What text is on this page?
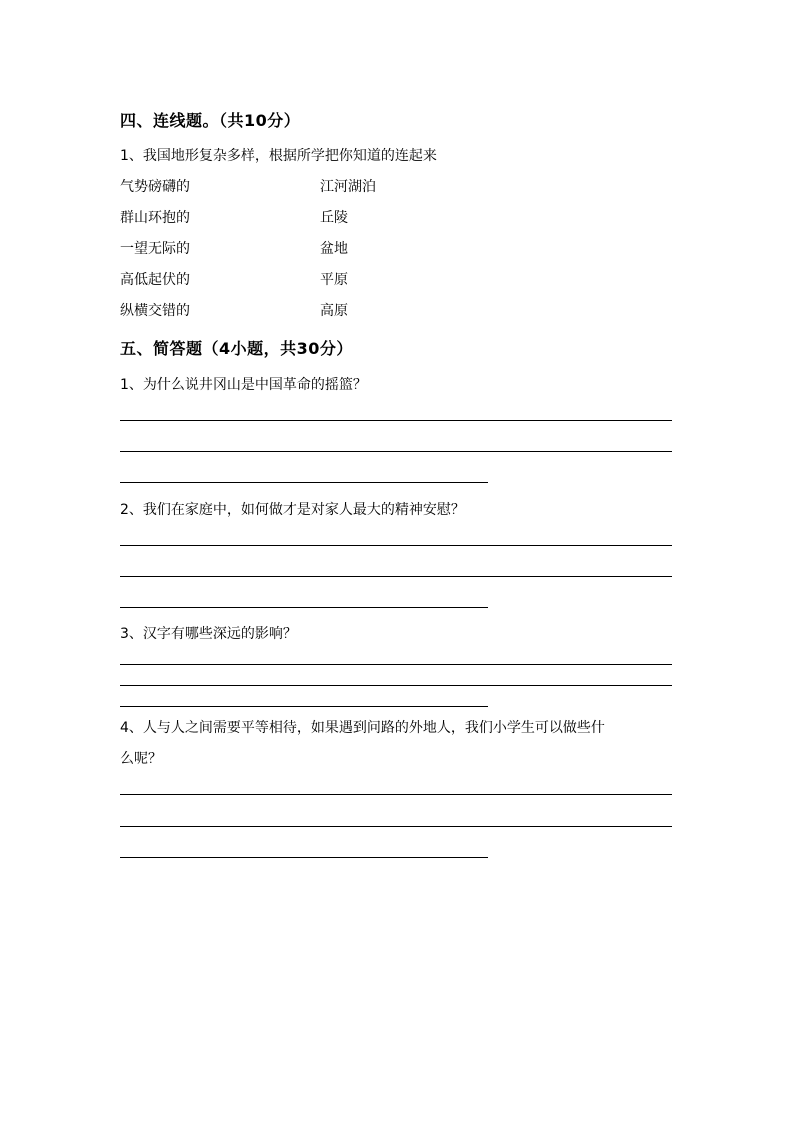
四、连线题。（共10分）
1、我国地形复杂多样，根据所学把你知道的连起来
气势磅礴的	江河湖泊
群山环抱的	丘陵
一望无际的	盆地
高低起伏的	平原
纵横交错的	高原
五、简答题（4小题，共30分）
1、为什么说井冈山是中国革命的摇篮？
2、我们在家庭中，如何做才是对家人最大的精神安慰？
3、汉字有哪些深远的影响？
4、人与人之间需要平等相待，如果遇到问路的外地人，我们小学生可以做些什
么呢？
